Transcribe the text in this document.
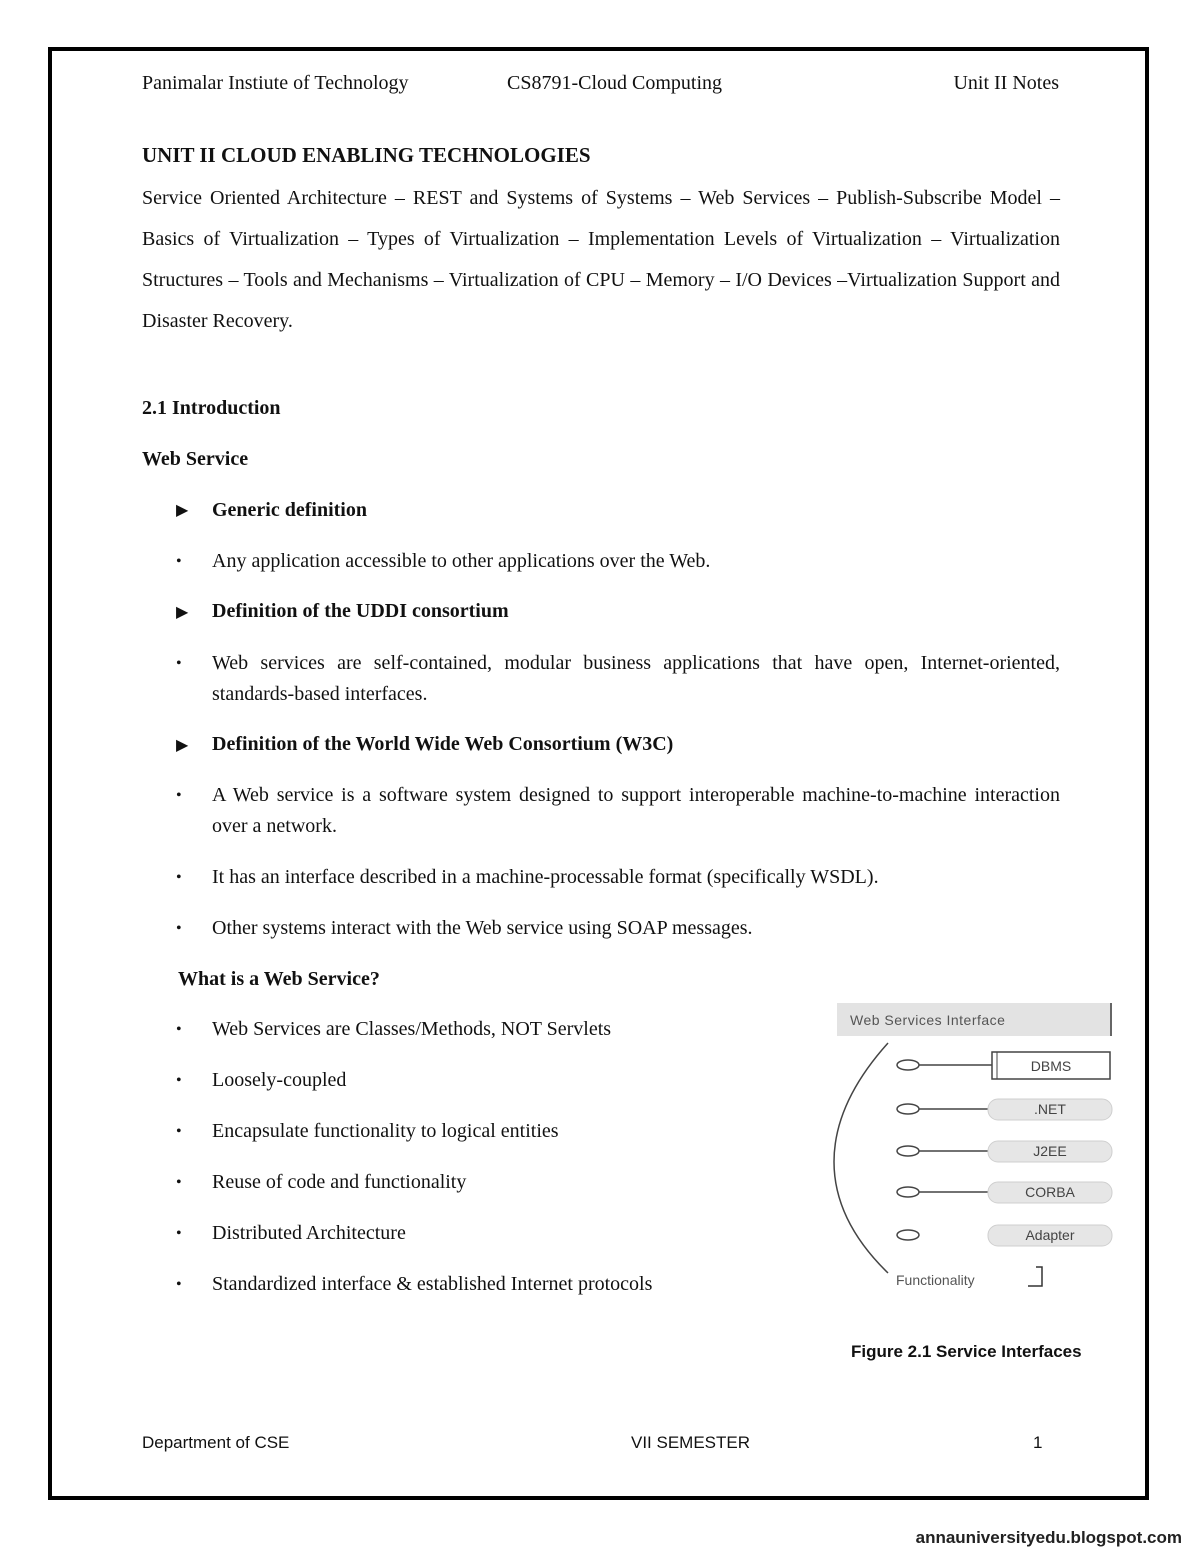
Panimalar Instiute of Technology	CS8791-Cloud Computing	Unit II Notes
UNIT II CLOUD ENABLING TECHNOLOGIES
Service Oriented Architecture – REST and Systems of Systems – Web Services – Publish-Subscribe Model – Basics of Virtualization – Types of Virtualization – Implementation Levels of Virtualization – Virtualization Structures – Tools and Mechanisms – Virtualization of CPU – Memory – I/O Devices –Virtualization Support and Disaster Recovery.
2.1 Introduction
Web Service
▶ Generic definition
• Any application accessible to other applications over the Web.
▶ Definition of the UDDI consortium
• Web services are self-contained, modular business applications that have open, Internet-oriented, standards-based interfaces.
▶ Definition of the World Wide Web Consortium (W3C)
• A Web service is a software system designed to support interoperable machine-to-machine interaction over a network.
• It has an interface described in a machine-processable format (specifically WSDL).
• Other systems interact with the Web service using SOAP messages.
What is a Web Service?
• Web Services are Classes/Methods, NOT Servlets
• Loosely-coupled
• Encapsulate functionality to logical entities
• Reuse of code and functionality
• Distributed Architecture
• Standardized interface & established Internet protocols
Web Services Interface
DBMS
.NET
J2EE
CORBA
Adapter
Functionality
Figure 2.1 Service Interfaces
Department of CSE	VII SEMESTER	1
annauniversityedu.blogspot.com
